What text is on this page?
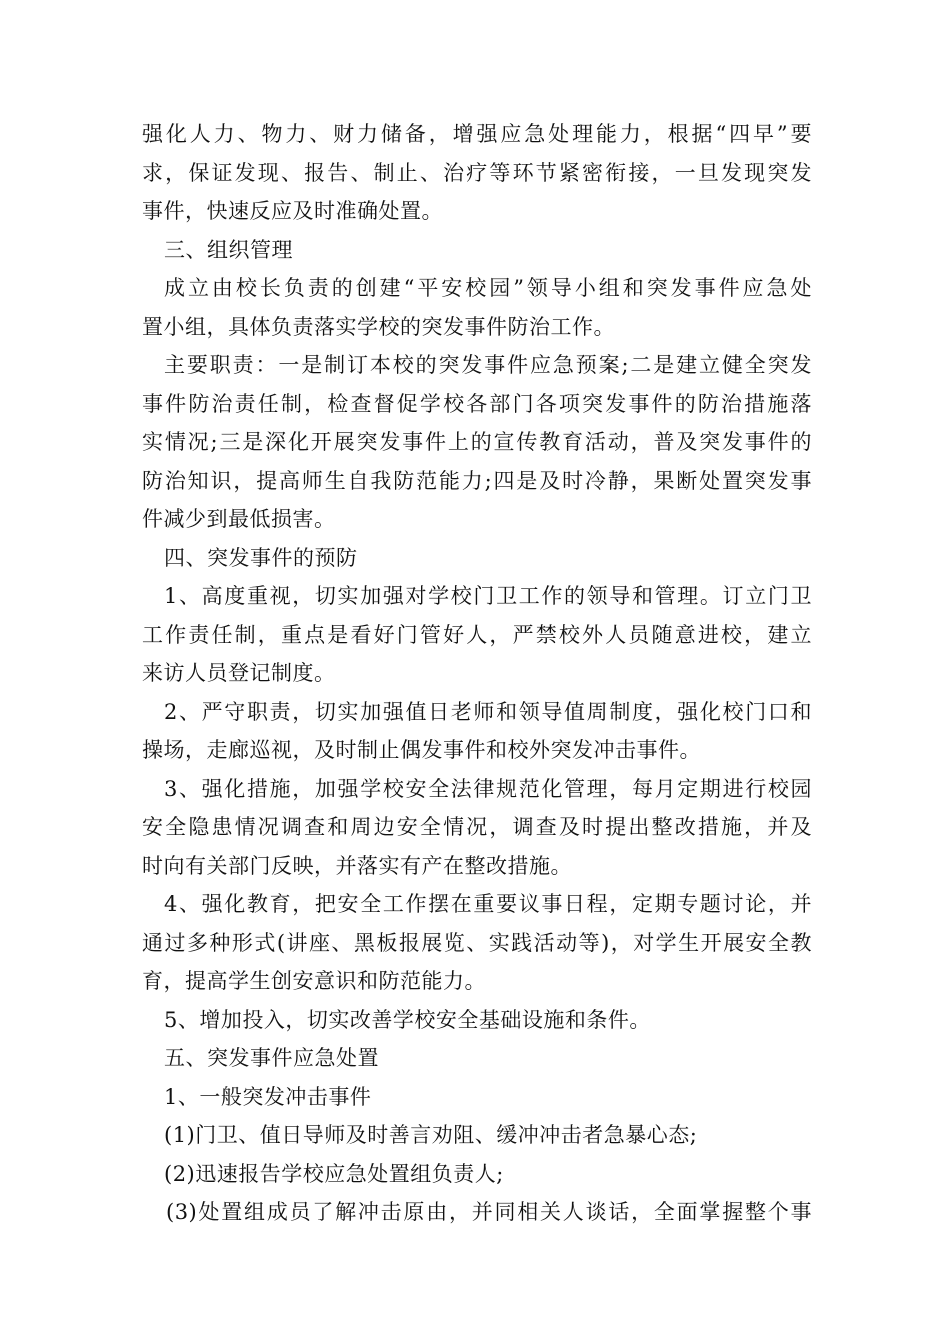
强化人力、物力、财力储备，增强应急处理能力，根据“四早”要
求，保证发现、报告、制止、治疗等环节紧密衔接，一旦发现突发
事件，快速反应及时准确处置。
三、组织管理
成立由校长负责的创建“平安校园”领导小组和突发事件应急处
置小组，具体负责落实学校的突发事件防治工作。
主要职责：一是制订本校的突发事件应急预案;二是建立健全突发
事件防治责任制，检查督促学校各部门各项突发事件的防治措施落
实情况;三是深化开展突发事件上的宣传教育活动，普及突发事件的
防治知识，提高师生自我防范能力;四是及时冷静，果断处置突发事
件减少到最低损害。
四、突发事件的预防
1、高度重视，切实加强对学校门卫工作的领导和管理。订立门卫
工作责任制，重点是看好门管好人，严禁校外人员随意进校，建立
来访人员登记制度。
2、严守职责，切实加强值日老师和领导值周制度，强化校门口和
操场，走廊巡视，及时制止偶发事件和校外突发冲击事件。
3、强化措施，加强学校安全法律规范化管理，每月定期进行校园
安全隐患情况调查和周边安全情况，调查及时提出整改措施，并及
时向有关部门反映，并落实有产在整改措施。
4、强化教育，把安全工作摆在重要议事日程，定期专题讨论，并
通过多种形式(讲座、黑板报展览、实践活动等)，对学生开展安全教
育，提高学生创安意识和防范能力。
5、增加投入，切实改善学校安全基础设施和条件。
五、突发事件应急处置
1、一般突发冲击事件
(1)门卫、值日导师及时善言劝阻、缓冲冲击者急暴心态;
(2)迅速报告学校应急处置组负责人;
(3)处置组成员了解冲击原由，并同相关人谈话，全面掌握整个事
